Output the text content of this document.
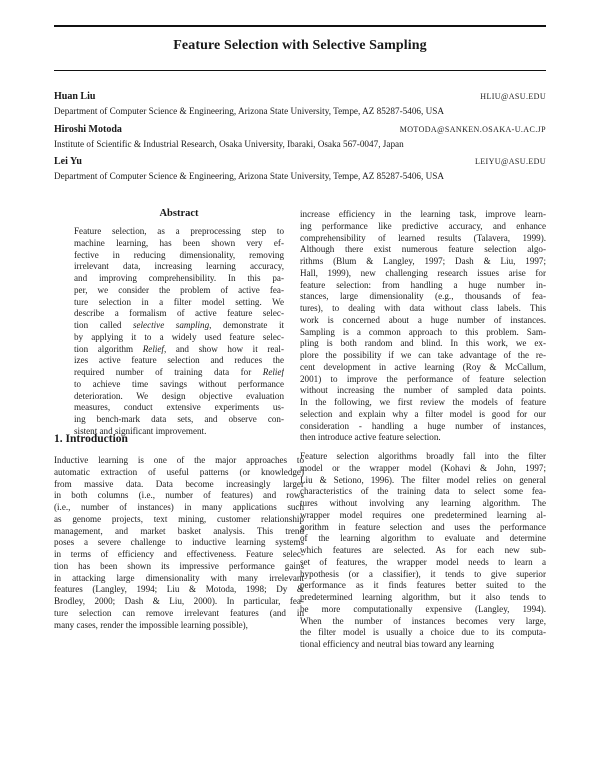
Feature Selection with Selective Sampling
Huan Liu	HLIU@ASU.EDU
Department of Computer Science & Engineering, Arizona State University, Tempe, AZ 85287-5406, USA
Hiroshi Motoda	MOTODA@SANKEN.OSAKA-U.AC.JP
Institute of Scientific & Industrial Research, Osaka University, Ibaraki, Osaka 567-0047, Japan
Lei Yu	LEIYU@ASU.EDU
Department of Computer Science & Engineering, Arizona State University, Tempe, AZ 85287-5406, USA
Abstract
Feature selection, as a preprocessing step to
machine learning, has been shown very ef-
fective in reducing dimensionality, removing
irrelevant data, increasing learning accuracy,
and improving comprehensibility. In this pa-
per, we consider the problem of active fea-
ture selection in a filter model setting. We
describe a formalism of active feature selec-
tion called selective sampling, demonstrate it
by applying it to a widely used feature selec-
tion algorithm Relief, and show how it real-
izes active feature selection and reduces the
required number of training data for Relief
to achieve time savings without performance
deterioration. We design objective evaluation
measures, conduct extensive experiments us-
ing bench-mark data sets, and observe con-
sistent and significant improvement.
1. Introduction
Inductive learning is one of the major approaches to
automatic extraction of useful patterns (or knowledge)
from massive data. Data become increasingly larger
in both columns (i.e., number of features) and rows
(i.e., number of instances) in many applications such
as genome projects, text mining, customer relationship
management, and market basket analysis. This trend
poses a severe challenge to inductive learning systems
in terms of efficiency and effectiveness. Feature selec-
tion has been shown its impressive performance gains
in attacking large dimensionality with many irrelevant
features (Langley, 1994; Liu & Motoda, 1998; Dy &
Brodley, 2000; Dash & Liu, 2000). In particular, fea-
ture selection can remove irrelevant features (and in
many cases, render the impossible learning possible),
increase efficiency in the learning task, improve learn-
ing performance like predictive accuracy, and enhance
comprehensibility of learned results (Talavera, 1999).
Although there exist numerous feature selection algo-
rithms (Blum & Langley, 1997; Dash & Liu, 1997;
Hall, 1999), new challenging research issues arise for
feature selection: from handling a huge number in-
stances, large dimensionality (e.g., thousands of fea-
tures), to dealing with data without class labels. This
work is concerned about a huge number of instances.
Sampling is a common approach to this problem. Sam-
pling is both random and blind. In this work, we ex-
plore the possibility if we can take advantage of the re-
cent development in active learning (Roy & McCallum,
2001) to improve the performance of feature selection
without increasing the number of sampled data points.
In the following, we first review the models of feature
selection and explain why a filter model is good for our
consideration - handling a huge number of instances,
then introduce active feature selection.
Feature selection algorithms broadly fall into the filter
model or the wrapper model (Kohavi & John, 1997;
Liu & Setiono, 1996). The filter model relies on general
characteristics of the training data to select some fea-
tures without involving any learning algorithm. The
wrapper model requires one predetermined learning al-
gorithm in feature selection and uses the performance
of the learning algorithm to evaluate and determine
which features are selected. As for each new sub-
set of features, the wrapper model needs to learn a
hypothesis (or a classifier), it tends to give superior
performance as it finds features better suited to the
predetermined learning algorithm, but it also tends to
be more computationally expensive (Langley, 1994).
When the number of instances becomes very large,
the filter model is usually a choice due to its computa-
tional efficiency and neutral bias toward any learning
